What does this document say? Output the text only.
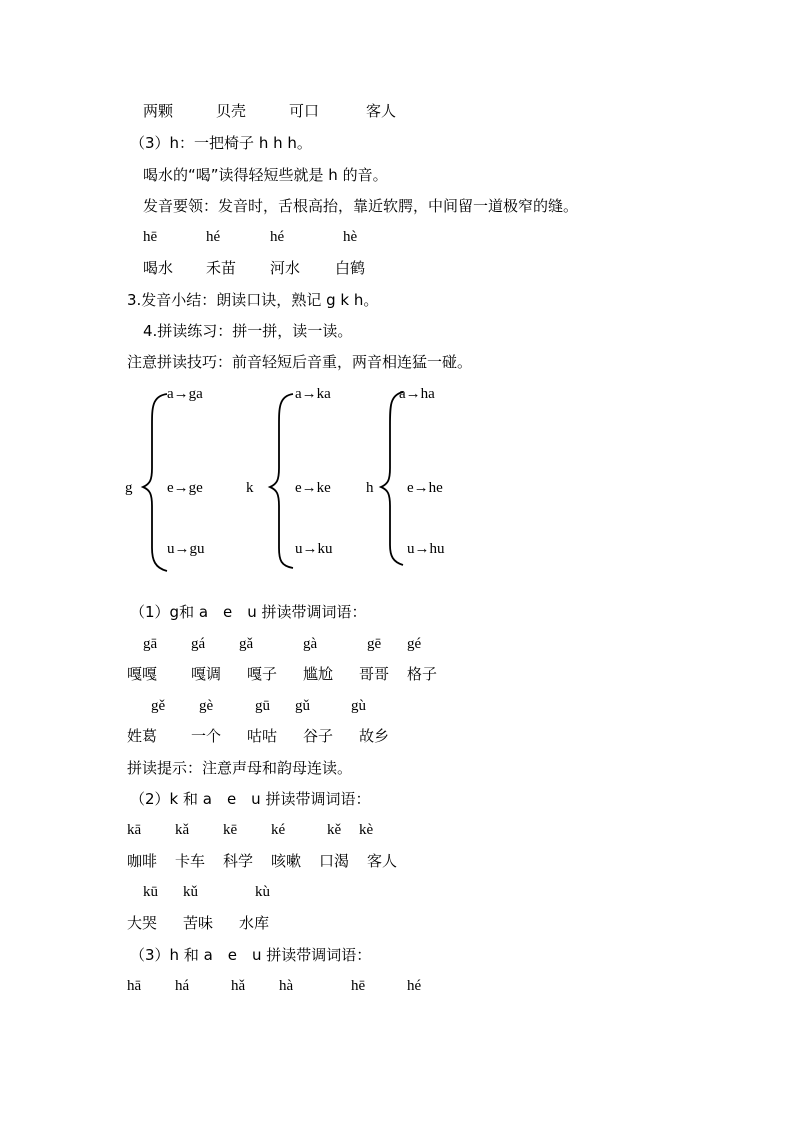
两颗	贝壳	可口	客人
（3）h：一把椅子 h h h。
喝水的“喝”读得轻短些就是 h 的音。
发音要领：发音时，舌根高抬，靠近软腭，中间留一道极窄的缝。
hē	hé	hé	hè
喝水 禾苗 河水 白鹤
3.发音小结：朗读口诀，熟记 g k h。
4.拼读练习：拼一拼，读一读。
注意拼读技巧：前音轻短后音重，两音相连猛一碰。
g
a→ga
e→ge
u→gu
k
a→ka
e→ke
u→ku
h
a→ha
e→he
u→hu
（1）g和 a　e　u 拼读带调词语：
gā gá gǎ	gà	gē gé
嘎嘎 嘎调 嘎子 尴尬 哥哥 格子
gě gè	gū gǔ	gù
姓葛 一个 咕咕 谷子 故乡
拼读提示：注意声母和韵母连读。
（2）k 和 a　e　u 拼读带调词语：
kā kǎ kē ké	kě kè
咖啡 卡车 科学 咳嗽 口渴 客人
kū kǔ	kù
大哭 苦味 水库
（3）h 和 a　e　u 拼读带调词语：
hā há	hǎ hà	hē	hé
